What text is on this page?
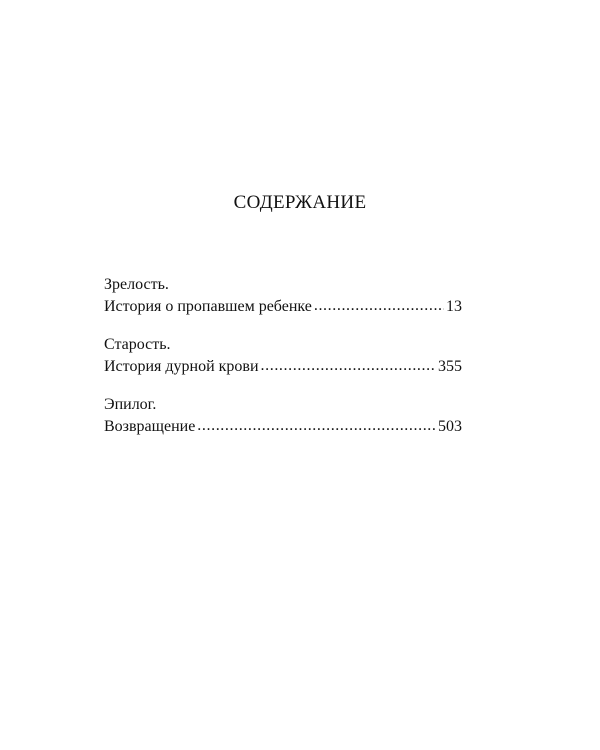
СОДЕРЖАНИЕ
Зрелость.
История о пропавшем ребенке .....	13
Старость.
История дурной крови .....	355
Эпилог.
Возвращение .....	503
